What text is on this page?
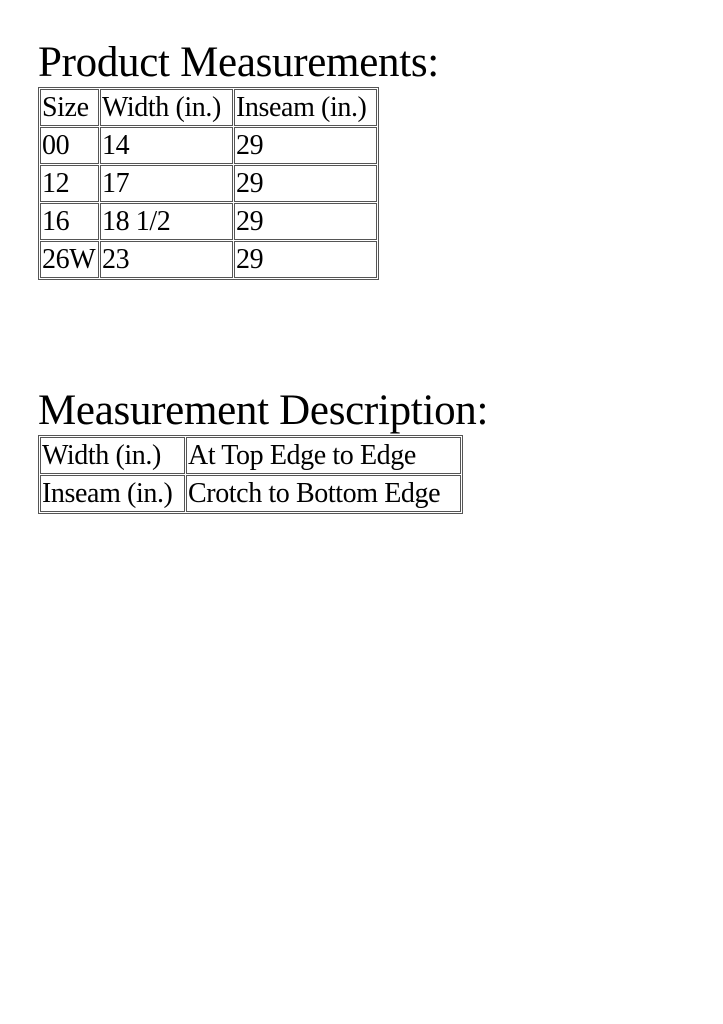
Product Measurements:
Size	Width (in.)	Inseam (in.)
00	14	29
12	17	29
16	18 1/2	29
26W	23	29
Measurement Description:
Width (in.)	At Top Edge to Edge
Inseam (in.)	Crotch to Bottom Edge
